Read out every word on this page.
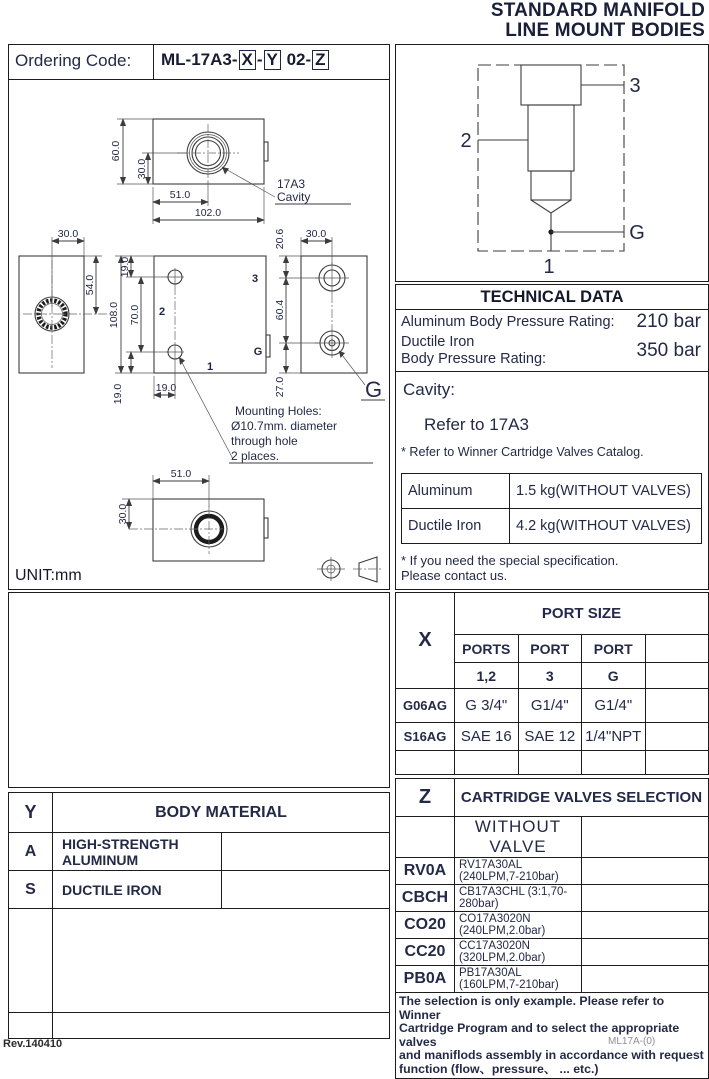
STANDARD MANIFOLD
LINE MOUNT BODIES
Ordering Code: ML-17A3- X - Y 02- Z
60.0
30.0
51.0
102.0
17A3
Cavity
30.0
54.0
2
3
G
1
19.0
108.0 70.0
19.0	19.0
Mounting Holes:
Ø10.7mm. diameter
through hole
2 places.
20.6
60.4
27.0
30.0
G
51.0
30.0
UNIT:mm
3
2
G
1
TECHNICAL DATA
Aluminum Body Pressure Rating: 210 bar
Ductile Iron
Body Pressure Rating:	350 bar
Cavity:
Refer to 17A3
* Refer to Winner Cartridge Valves Catalog.
Aluminum	1.5 kg(WITHOUT VALVES)
Ductile Iron	4.2 kg(WITHOUT VALVES)
* If you need the special specification.
Please contact us.
Y	BODY MATERIAL	
A	HIGH-STRENGTH ALUMINUM	
S	DUCTILE IRON	

X	PORT SIZE			
	PORTS	PORT	PORT	
	1,2	3	G	
G06AG	G 3/4"	G1/4"	G1/4"	
S16AG	SAE 16	SAE 12	1/4"NPT	

Z	CARTRIDGE VALVES SELECTION	
	WITHOUT VALVE	
RV0A	RV17A30AL (240LPM,7-210bar)	
CBCH	CB17A3CHL (3:1,70-280bar)	
CO20	CO17A3020N (240LPM,2.0bar)	
CC20	CC17A3020N (320LPM,2.0bar)	
PB0A	PB17A30AL (160LPM,7-210bar)	

The selection is only example. Please refer to Winner
Cartridge Program and to select the appropriate valves
and maniflods assembly in accordance with request
function (flow、pressure、 ... etc.)		
Rev.140410	ML17A-(0)
